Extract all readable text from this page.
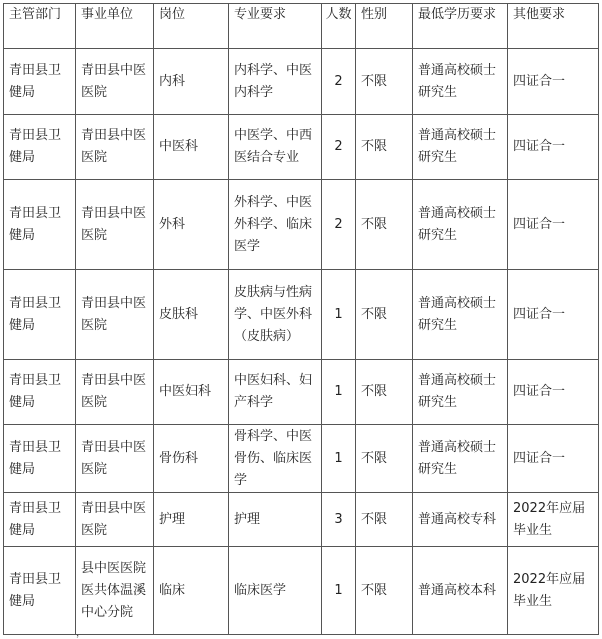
主管部门	事业单位	岗位	专业要求	人数	性别	最低学历要求	其他要求
青田县卫健局	青田县中医医院	内科	内科学、中医内科学	2	不限	普通高校硕士研究生	四证合一
青田县卫健局	青田县中医医院	中医科	中医学、中西医结合专业	2	不限	普通高校硕士研究生	四证合一
青田县卫健局	青田县中医医院	外科	外科学、中医外科学、临床医学	2	不限	普通高校硕士研究生	四证合一
青田县卫健局	青田县中医医院	皮肤科	皮肤病与性病学、中医外科（皮肤病）	1	不限	普通高校硕士研究生	四证合一
青田县卫健局	青田县中医医院	中医妇科	中医妇科、妇产科学	1	不限	普通高校硕士研究生	四证合一
青田县卫健局	青田县中医医院	骨伤科	骨科学、中医骨伤、临床医学	1	不限	普通高校硕士研究生	四证合一
青田县卫健局	青田县中医医院	护理	护理	3	不限	普通高校专科	2022年应届毕业生
青田县卫健局	县中医医院医共体温溪中心分院	临床	临床医学	1	不限	普通高校本科	2022年应届毕业生
，
